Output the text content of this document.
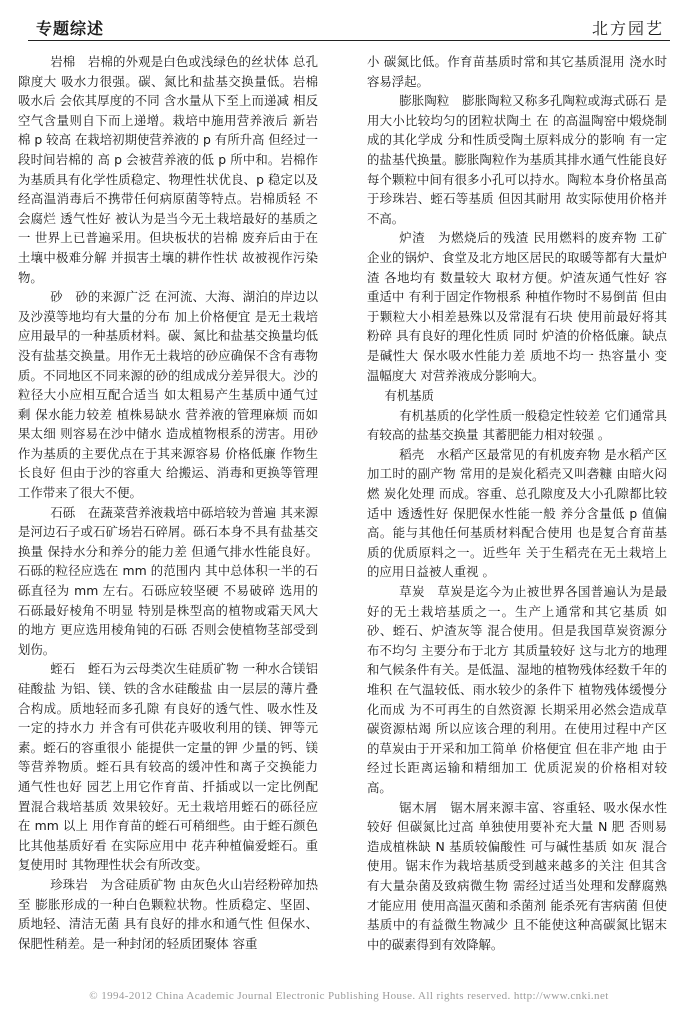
专题综述	北方园艺

岩棉　岩棉的外观是白色或浅绿色的丝状体 总孔隙度大 吸水力很强。碳、氮比和盐基交换量低。岩棉吸水后 会依其厚度的不同 含水量从下至上而递减 相反 空气含量则自下而上递增。栽培中施用营养液后 新岩棉 p 较高 在栽培初期使营养液的 p 有所升高 但经过一段时间岩棉的 高 p 会被营养液的低 p 所中和。岩棉作为基质具有化学性质稳定、物理性状优良、p 稳定以及经高温消毒后不携带任何病原菌等特点。岩棉质轻 不会腐烂 透气性好 被认为是当今无土栽培最好的基质之一 世界上已普遍采用。但块板状的岩棉 废弃后由于在土壤中极难分解 并损害土壤的耕作性状 故被视作污染物。

砂　砂的来源广泛 在河流、大海、湖泊的岸边以及沙漠等地均有大量的分布 加上价格便宜 是无土栽培应用最早的一种基质材料。碳、氮比和盐基交换量均低 没有盐基交换量。用作无土栽培的砂应确保不含有毒物质。不同地区不同来源的砂的组成成分差异很大。沙的粒径大小应相互配合适当 如太粗易产生基质中通气过剩 保水能力较差 植株易缺水 营养液的管理麻烦 而如果太细 则容易在沙中储水 造成植物根系的涝害。用砂作为基质的主要优点在于其来源容易 价格低廉 作物生长良好 但由于沙的容重大 给搬运、消毒和更换等管理工作带来了很大不便。

石砾　在蔬菜营养液栽培中砾培较为普遍 其来源是河边石子或石矿场岩石碎屑。砾石本身不具有盐基交换量 保持水分和养分的能力差 但通气排水性能良好。石砾的粒径应选在 mm 的范围内 其中总体积一半的石砾直径为 mm 左右。石砾应较坚硬 不易破碎 选用的石砾最好棱角不明显 特别是株型高的植物或霜天风大的地方 更应选用棱角钝的石砾 否则会使植物茎部受到划伤。

蛭石　蛭石为云母类次生硅质矿物 一种水合镁铝硅酸盐 为铝、镁、铁的含水硅酸盐 由一层层的薄片叠合构成。质地轻而多孔隙 有良好的透气性、吸水性及一定的持水力 并含有可供花卉吸收利用的镁、钾等元素。蛭石的容重很小 能提供一定量的钾 少量的钙、镁等营养物质。蛭石具有较高的缓冲性和离子交换能力 通气性也好 园艺上用它作育苗、扦插或以一定比例配置混合栽培基质 效果较好。无土栽培用蛭石的砾径应在 mm 以上 用作育苗的蛭石可稍细些。由于蛭石颜色比其他基质好看 在实际应用中 花卉种植偏爱蛭石。重复使用时 其物理性状会有所改变。

珍珠岩　为含硅质矿物 由灰色火山岩经粉碎加热至 膨胀形成的一种白色颗粒状物。性质稳定、坚固、质地轻、清洁无菌 具有良好的排水和通气性 但保水、保肥性稍差。是一种封闭的轻质团聚体 容重

小 碳氮比低。作育苗基质时常和其它基质混用 浇水时容易浮起。

膨胀陶粒　膨胀陶粒又称多孔陶粒或海式砾石 是用大小比较均匀的团粒状陶土 在 的高温陶窑中煅烧制成的其化学成 分和性质受陶土原料成分的影响 有一定的盐基代换量。膨胀陶粒作为基质其排水通气性能良好 每个颗粒中间有很多小孔可以持水。陶粒本身价格虽高于珍珠岩、蛭石等基质 但因其耐用 故实际使用价格并不高。

炉渣　为燃烧后的残渣 民用燃料的废弃物 工矿企业的锅炉、食堂及北方地区居民的取暖等都有大量炉渣 各地均有 数量较大 取材方便。炉渣灰通气性好 容重适中 有利于固定作物根系 种植作物时不易倒苗 但由于颗粒大小相差悬殊以及常混有石块 使用前最好将其粉碎 具有良好的理化性质 同时 炉渣的价格低廉。缺点是碱性大 保水吸水性能力差 质地不均一 热容量小 变温幅度大 对营养液成分影响大。

有机基质

有机基质的化学性质一般稳定性较差 它们通常具有较高的盐基交换量 其蓄肥能力相对较强 。

稻壳　水稻产区最常见的有机废弃物 是水稻产区加工时的副产物 常用的是炭化稻壳又叫砻糠 由暗火闷燃 炭化处理 而成。容重、总孔隙度及大小孔隙都比较适中 透透性好 保肥保水性能一般 养分含量低 p 值偏高。能与其他任何基质材料配合使用 也是复合育苗基质的优质原料之一。近些年 关于生稻壳在无土栽培上的应用日益被人重视 。

草炭　草炭是迄今为止被世界各国普遍认为是最好的无土栽培基质之一。生产上通常和其它基质 如砂、蛭石、炉渣灰等 混合使用。但是我国草炭资源分布不均匀 主要分布于北方 其质量较好 这与北方的地理和气候条件有关。是低温、湿地的植物残体经数千年的堆积 在气温较低、雨水较少的条件下 植物残体缓慢分化而成 为不可再生的自然资源 长期采用必然会造成草碳资源枯竭 所以应该合理的利用。在使用过程中产区的草炭由于开采和加工简单 价格便宜 但在非产地 由于经过长距离运输和精细加工 优质泥炭的价格相对较高。

锯木屑　锯木屑来源丰富、容重轻、吸水保水性较好 但碳氮比过高 单独使用要补充大量 N 肥 否则易造成植株缺 N 基质较偏酸性 可与碱性基质 如灰 混合使用。锯末作为栽培基质受到越来越多的关注 但其含有大量杂菌及致病微生物 需经过适当处理和发酵腐熟才能应用 使用高温灭菌和杀菌剂 能杀死有害病菌 但使基质中的有益微生物减少 且不能使这种高碳氮比锯末中的碳素得到有效降解。

© 1994-2012 China Academic Journal Electronic Publishing House. All rights reserved. http://www.cnki.net
